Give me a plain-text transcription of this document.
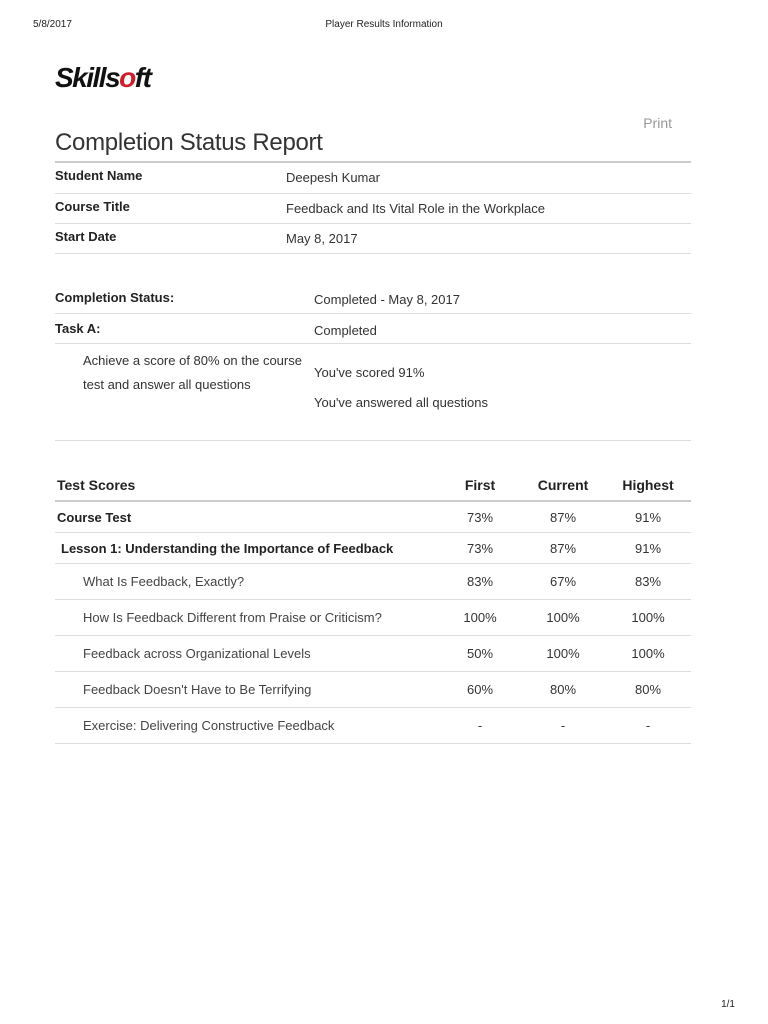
5/8/2017	Player Results Information
Skillsoft
Print
Completion Status Report
Student Name	Deepesh Kumar
Course Title	Feedback and Its Vital Role in the Workplace
Start Date	May 8, 2017
Completion Status:	Completed - May 8, 2017
Task A:	Completed
Achieve a score of 80% on the course test and answer all questions	You've scored 91%
You've answered all questions
Test Scores	First	Current	Highest
Course Test	73%	87%	91%
Lesson 1: Understanding the Importance of Feedback	73%	87%	91%
What Is Feedback, Exactly?	83%	67%	83%
How Is Feedback Different from Praise or Criticism?	100%	100%	100%
Feedback across Organizational Levels	50%	100%	100%
Feedback Doesn't Have to Be Terrifying	60%	80%	80%
Exercise: Delivering Constructive Feedback	-	-	-
1/1
